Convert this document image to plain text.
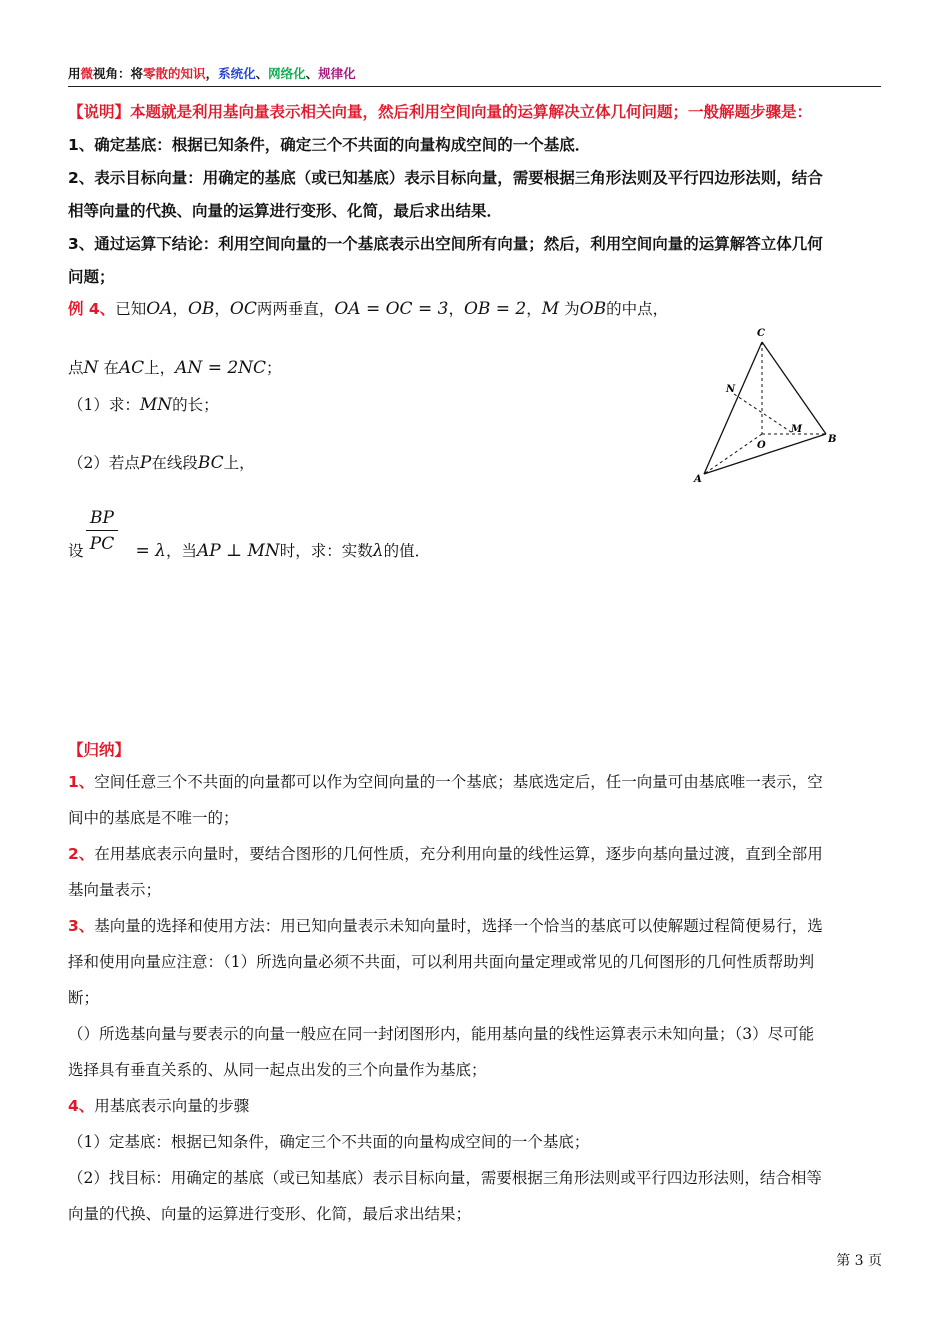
用微视角：将零散的知识，系统化、网络化、规律化
【说明】本题就是利用基向量表示相关向量，然后利用空间向量的运算解决立体几何问题；一般解题步骤是：
1、确定基底：根据已知条件，确定三个不共面的向量构成空间的一个基底．
2、表示目标向量：用确定的基底（或已知基底）表示目标向量，需要根据三角形法则及平行四边形法则，结合
相等向量的代换、向量的运算进行变形、化简，最后求出结果．
3、通过运算下结论：利用空间向量的一个基底表示出空间所有向量；然后，利用空间向量的运算解答立体几何
问题；
例 4、已知OA，OB，OC两两垂直，OA = OC = 3，OB = 2，M 为OB的中点，
点N 在AC上，AN = 2NC；
（1）求：MN的长；
（2）若点P在线段BC上，
$\frac{BP}{PC}$
设	= λ，当AP ⊥ MN时，求：实数λ的值．
C
N
O
M
B
A
【归纳】
1、空间任意三个不共面的向量都可以作为空间向量的一个基底；基底选定后，任一向量可由基底唯一表示，空
间中的基底是不唯一的；
2、在用基底表示向量时，要结合图形的几何性质，充分利用向量的线性运算，逐步向基向量过渡，直到全部用
基向量表示；
3、基向量的选择和使用方法：用已知向量表示未知向量时，选择一个恰当的基底可以使解题过程简便易行，选
择和使用向量应注意：（1）所选向量必须不共面，可以利用共面向量定理或常见的几何图形的几何性质帮助判
断；
（）所选基向量与要表示的向量一般应在同一封闭图形内，能用基向量的线性运算表示未知向量；（3）尽可能
选择具有垂直关系的、从同一起点出发的三个向量作为基底；
4、用基底表示向量的步骤
（1）定基底：根据已知条件，确定三个不共面的向量构成空间的一个基底；
（2）找目标：用确定的基底（或已知基底）表示目标向量，需要根据三角形法则或平行四边形法则，结合相等
向量的代换、向量的运算进行变形、化简，最后求出结果；
第 3 页
